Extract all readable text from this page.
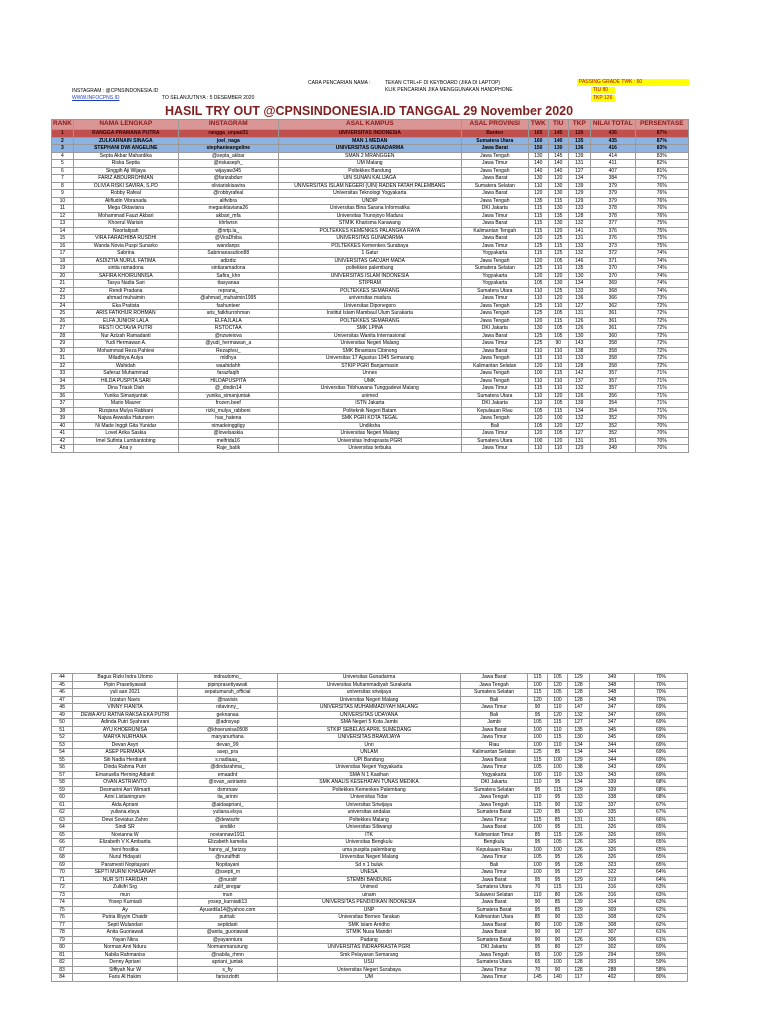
INSTAGRAM : @CPNSINDONESIA.ID
WWW.INFOCPNS.ID	TO SELANJUTNYA : 5 DESEMBER 2020
CARA PENCARIAN NAMA :	TEKAN CTRL+F DI KEYBOARD (JIKA DI LAPTOP)
KLIK PENCARIAN JIKA MENGGUNAKAN HANDPHONE
PASSING GRADE TWK : 60
TIU 80
TKP 126
HASIL TRY OUT @CPNSINDONESIA.ID TANGGAL 29 November 2020
RANK	NAMA LENGKAP	INSTAGRAM	ASAL KAMPUS	ASAL PROVINSI	TWK	TIU	TKP	NILAI TOTAL	PERSENTASE
1	RANGGA PRAMANA PUTRA	rangga_unpad31	UNIVERSITAS INDONESIA	Banten	165	145	126	436	87%
2	ZULKARNAIN SINAGA	joel_naga	MAN 1 MEDAN	Sumatera Utara	160	140	135	435	87%
3	STEPHANI DWI ANGELINE	stephanieangeline	UNIVERSITAS GUNADARMA	Jawa Barat	150	130	136	416	83%
4	Septa Akbar Mahardika	@septa_akbar	SMAN 2 MRANGGEN	Jawa Tengah	130	145	139	414	83%
5	Riska Septia	@riskaseph_	UM Malang	Jawa Timur	140	140	131	411	82%
6	Singgih Aji Wijaya	wijayaw345	Poltekkes Bandung	Jawa Tengah	140	140	127	407	81%
7	FARIZ ABDURROHMAN	@farizabdurr	UIN SUNAN KALIJAGA	Jawa Barat	130	120	134	384	77%
8	OLIVIA RISKI SAVIRA, S.PD	oliviariskisavira	UNIVERSITAS ISLAM NEGERI (UIN) RADEN FATAH PALEMBANG	Sumatera Selatan	110	130	139	379	76%
9	Robby Rafeal	@robbyrafeal	Universitas Teknologi Yogyakarta	Jawa Barat	120	130	129	379	76%
10	Alifludin Vibranada	alifvibra	UNDIP	Jawa Tengah	135	115	129	379	76%
11	Mega Oktaviana	megaoktaviana26	Universitas Bina Sarana Informatika	DKI Jakarta	115	130	133	378	76%
12	Mohammad Fauzi Akbari	akbari_mfa	Universitas Trunojoyo Madura	Jawa Timur	115	135	128	378	76%
13	Khoerul Warisin	khrlwrsn	STMIK Kharisma Karawang	Jawa Barat	115	130	132	377	75%
14	Noorlatipah	@nrtp.la_	POLTEKKES KEMENKES PALANGKA RAYA	Kalimantan Tengah	115	120	141	376	75%
15	VIRA FARADHIBA RUSDHI	@ViraDhiba	UNIVERSITAS GUNADARMA	Jawa Barat	120	125	131	376	75%
16	Wanda Novia Puspi Sunarko	wandanps	POLTEKKES Kemenkes Surabaya	Jawa Timur	125	115	133	373	75%
17	Sabrina	Sabrinanasution88	1 Gatur	Yogyakarta	115	125	132	372	74%
18	ASDIZTIA NURUL FATIMA	adizdiz	UNIVERSITAS GADJAH MADA	Jawa Tengah	120	105	146	371	74%
19	sintia ramadona	sintiaramadona	poltekkes palembang	Sumatera Selatan	125	110	135	370	74%
20	SAFIRA KHOIRUNNISA	Safira_khn	UNIVERSITAS ISLAM INDONESIA	Yogyakarta	120	120	130	370	74%
21	Tasya Nadia Sari	ttasyanaa	STIPRAM	Yogyakarta	105	130	134	369	74%
22	Rendi Pradana	reprana_	POLTEKKES SEMARANG	Sumatera Utara	110	125	133	368	74%
23	ahmad muhaimin	@ahmad_muhaimin1995	universitas madura	Jawa Timur	110	120	136	366	73%
24	Eka Pratista	fashunteer	Universitas Diponegoro	Jawa Tengah	125	110	127	362	72%
25	ARIS FATKHUR ROHMAN	aris_fatkhurrohman	Institut Islam Mambaul Ulum Surakarta	Jawa Tengah	125	105	131	361	72%
26	ELFA JUNIOR LALA	ELFAJLALA	POLTEKKES SEMARANG	Jawa Tengah	120	115	126	361	72%
27	RESTI OCTAVIA PUTRI	RSTOCTAA	SMK LPINA	DKI Jakarta	130	105	126	361	72%
28	Nur Azizah Ramadanti	@nzwieiova	Universitas Wanita Internasional	Jawa Barat	125	105	130	360	72%
29	Yudi Hermawan A.	@yudi_hermawan_a	Universitas Negeri Malang	Jawa Timur	125	90	143	358	72%
30	Mohammad Reza Pahlevi	Rezaplvsi_	SMK Binantara Cibinong	Jawa Barat	110	110	138	358	72%
31	Miladhiya Aulya	mldhya	Universitas 17 Agustus 1945 Semarang	Jawa Tengah	115	110	133	358	72%
32	Wahidah	waahidahh	STKIP PGRI Banjarmasin	Kalimantan Selatan	120	110	128	358	72%
33	Saferaz Muhammad	farazfaqih	Unnes	Jawa Tengah	100	115	142	357	71%
34	HILDA PUSPITA SARI	HILDAPUSPITA	UMK	Jawa Tengah	110	110	137	357	71%
35	Dina Triask Diah	@_dindin14	Universitas Tribhuwana Tunggadewi Malang	Jawa Timur	115	110	132	357	71%
36	Yunika Simanjuntak	yunika_simanjuntak	unimed	Sumatera Utara	110	120	126	356	71%
37	Mario Maurer	frozen.beef	ISTN Jakarta	DKI Jakarta	110	105	139	354	71%
38	Rizqiana Mulya Rabbani	rizki_mulya_rabbeni	Politeknik Negeri Batam	Kepulauan Riau	105	115	134	354	71%
39	Najwa Awwalia Hatunsen	has_hatena	SMK PGRI KOTA TEGAL	Jawa Tengah	120	100	132	352	70%
40	Ni Made Inggit Gita Yunidar	nimadeinggitgy	Undiksha	Bali	105	120	127	352	70%
41	Lovel Arika Saskia	@lovelsaskia	Universitas Negeri Malang	Jawa Timur	120	105	127	352	70%
42	Imel Sufinta Lumbantobing	melfrida16	Universitas Indraprasta PGRI	Sumatera Utara	100	120	131	351	70%
43	Ana y	Raje_batik	Universitas terbuka	Jawa Timur	110	110	129	349	70%
44	Bagus Rizki Indra Utomo	indrautomo_	Universitas Gunadarma	Jawa Barat	115	105	129	349	70%
45	Pipin Prasetiyawati	pipinprasetiyawati	Universitas Muhammadiyah Surakarta	Jawa Tengah	100	120	128	348	70%
46	yuli aan 2021	sepatumurah_official	universitas sriwijaya	Sumatera Selatan	115	105	128	348	70%
47	Izzatun Navis	@navisis	Universitas Negeri Malang	Bali	120	100	128	348	70%
48	VINNY FIANITA	nitavinny_	UNIVERSITAS MUHAMMADIYAH MALANG	Jawa Timur	90	110	147	347	69%
49	DEWA AYU RATNA RAKSA EKA PUTRI	geknanaa	UNIVERSITAS UDAYANA	Bali	95	120	132	347	69%
50	Adinda Putri Syahrani	@adnsyap	SMA Negeri 5 Kota Jambi	Jambi	105	115	127	347	69%
51	AYU KHOERUNISA	@khoerunisa0508	STKIP SEBELAS APRIL SUMEDANG	Jawa Barat	100	110	135	345	69%
52	MARYA NURHANA	maryanurhana	UNIVERSITAS BRAWIJAYA	Jawa Timur	100	115	130	345	69%
53	Devan Asyri	devan_99	Unri	Riau	100	110	134	344	69%
54	ASEP PERMANA	asep_pra	UNLAM	Kalimantan Selatan	125	85	134	344	69%
55	Siti Nadia Herdianti	s.nadiaaa_	UPI Bandung	Jawa Barat	115	100	129	344	69%
56	Dinda Rahma Putri	@dindarahma_	Universitas Negeri Yogyakarta	Jawa Timur	105	100	138	343	69%
57	Emanuella Herning Adianti	emaadnt	SMA N 1 Kasihan	Yogyakarta	100	110	133	343	69%
58	OVAN ASTRIANTO	@ovan_astrianto	SMK ANALIS KESEHATAN TUNAS MEDIKA	DKI Jakarta	110	95	134	339	68%
59	Desmarini Asri Wimarti	dsmrnaw	Poltekkes Kemenkes Palembang	Sumatera Selatan	95	115	129	339	68%
60	Arini Listianingrum	tia_arinni	Universitas Tidar	Jawa Tengah	110	95	133	338	68%
61	Aida Apriani	@aidaapriani_	Universitas Sriwijaya	Jawa Tengah	115	90	132	337	67%
62	yuliana.elsya	yuliana.elsya	universitas andalas	Sumatera Barat	120	85	130	335	67%
63	Dewi Soviatus Zahro	@dewiszhr	Poltekkes Malang	Jawa Timur	115	85	131	331	66%
64	Sindi SR	sindiikr	Universitas Siliwangi	Jawa Barat	100	95	131	326	65%
65	Novianna W	noviannaw1911	ITK	Kalimantan Timur	85	115	126	326	65%
66	Elizabeth V K Ambarita	Elizabeth kamelia	Universitas Bengkulu	Bengkulu	95	105	126	326	65%
67	heni frositka	hanny_al_farizsy	uma puspita palembang	Kepulauan Riau	100	100	126	326	65%
68	Nurul Hidayati	@nurulfhdt	Universitas Negeri Malang	Jawa Timur	105	95	126	326	65%
69	Paramesti Nopitayani	Nopitayani	Sd n 1 buluk	Bali	100	95	128	323	65%
70	SEPTI MURNI KHASANAH	@ssepti_m	UNESA	Jawa Timur	100	95	127	322	64%
71	NUR SITI FARIDAH	@nurslif	STEMBI BANDUNG	Jawa Barat	95	95	129	319	64%
72	Zulkifri Srg	zulif_siregar	Unimed	Sumatera Utara	70	115	131	316	63%
73	mun	mun	uinam	Sulawesi Selatan	110	80	126	316	63%
74	Yosep Kurniadi	yosep_kurniadi13	UNIVERSITAS PENDIDIKAN INDONESIA	Jawa Barat	90	85	139	314	63%
75	Ay	Ayuardila14@yahoo.com	UNP	Sumatera Barat	95	85	129	309	62%
76	Putria Illiyyin Chaidir	putrialc	Universitas Borneo Tarakan	Kalimantan Utara	85	90	133	308	62%
77	Septi Wulandari	septidarii	SMK Islam Arridho	Jawa Barat	80	100	128	308	62%
78	Anita Guoriawati	@anita_guoriawati	STMIK Nusa Mandiri	Jawa Barat	90	90	127	307	61%
79	Yayan Nkra	@yayanniura	Padang	Sumatera Barat	90	90	126	306	61%
80	Norman Anri Nduru	Normanmanurung	UNIVERSITAS INDRAPRASTA PGRI	DKI Jakarta	95	80	127	302	60%
81	Nabila Rahmaniss	@nabila_rhmn	Smk Pelayaran Semarang	Jawa Tengah	65	100	129	294	59%
82	Denny Apriani	apriani_juntak	USU	Sumatera Utara	65	100	128	293	59%
83	Siffiyah Nur W	s_fiy	Universitas Negeri Surabaya	Jawa Timur	70	90	128	288	58%
84	Faris Al Hakim	farisozlottt	UM	Jawa Timur	145	140	117	402	80%
